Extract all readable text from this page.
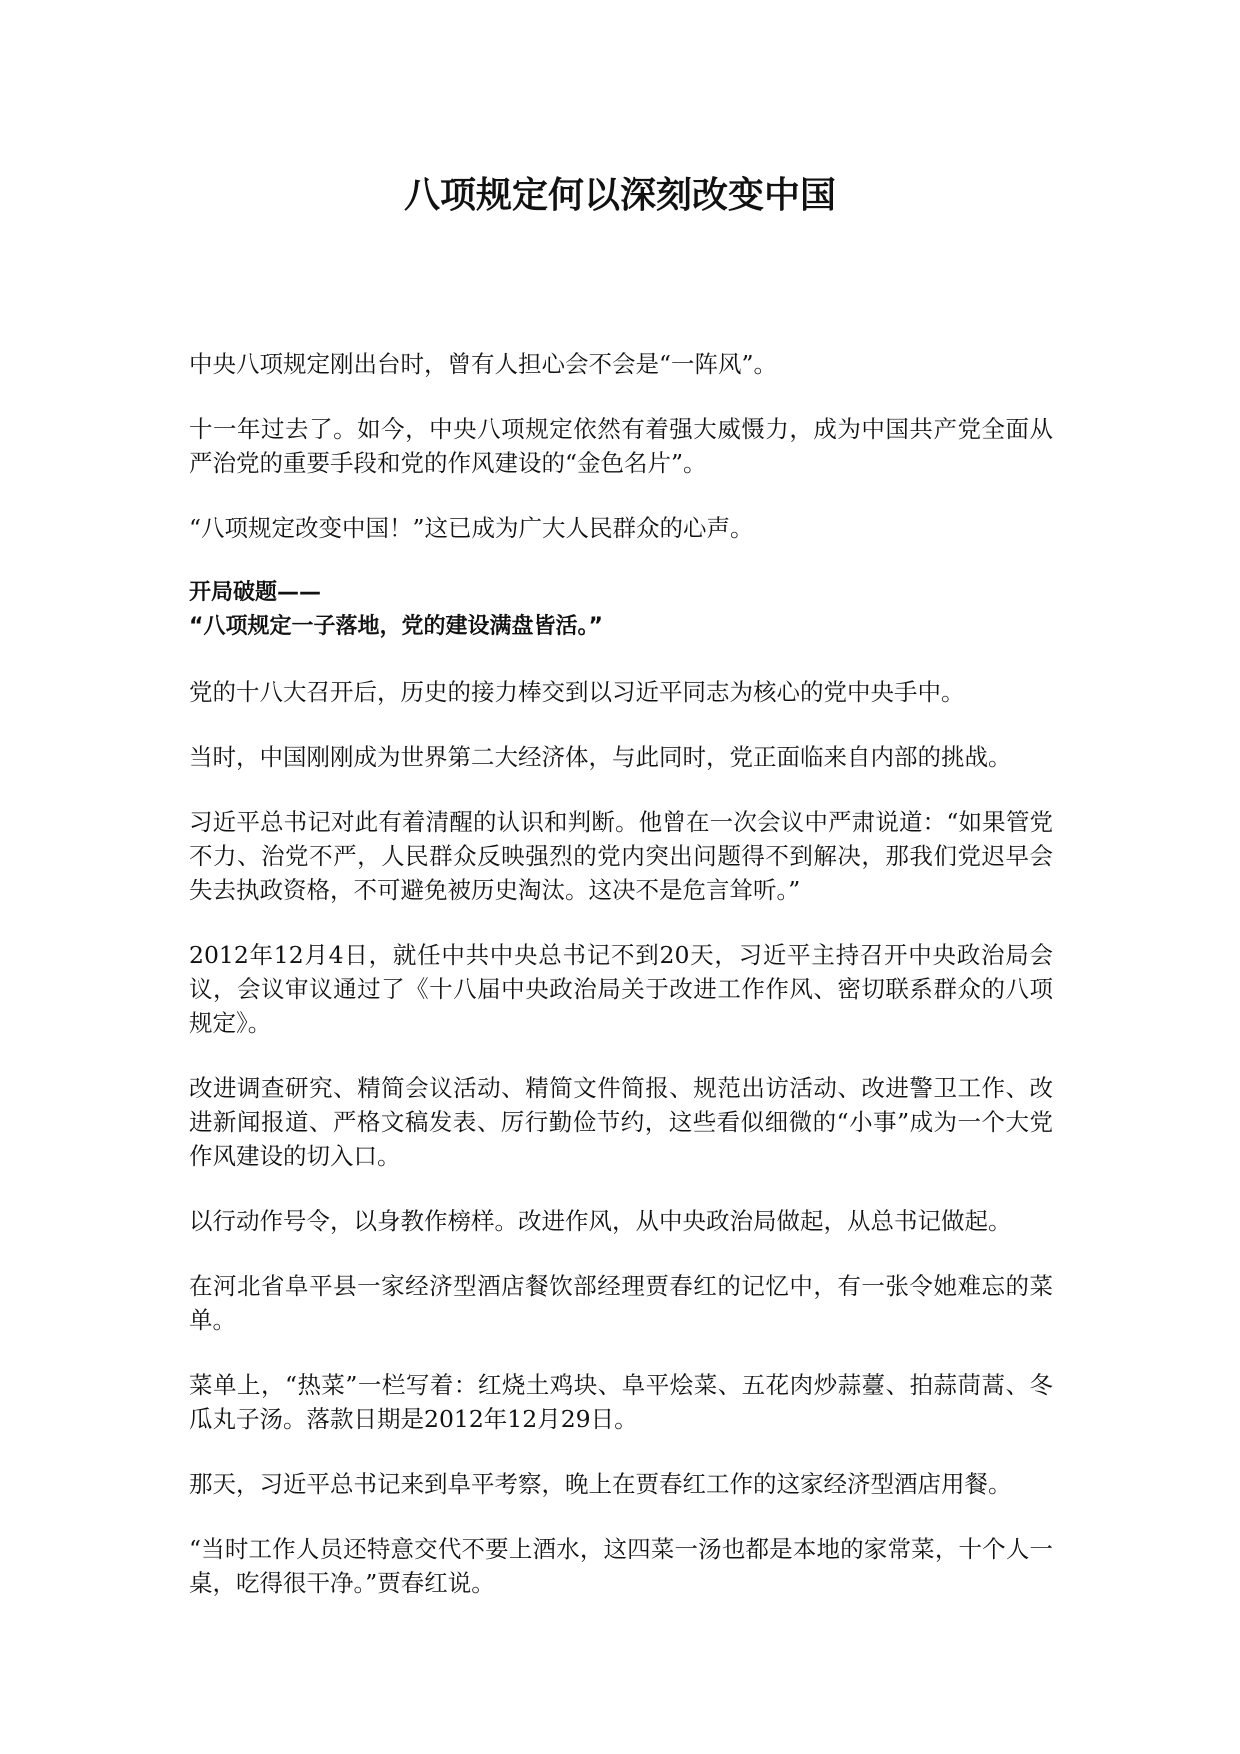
八项规定何以深刻改变中国

中央八项规定刚出台时，曾有人担心会不会是“一阵风”。

十一年过去了。如今，中央八项规定依然有着强大威慑力，成为中国共产党全面从严治党的重要手段和党的作风建设的“金色名片”。

“八项规定改变中国！”这已成为广大人民群众的心声。

开局破题——
“八项规定一子落地，党的建设满盘皆活。”

党的十八大召开后，历史的接力棒交到以习近平同志为核心的党中央手中。

当时，中国刚刚成为世界第二大经济体，与此同时，党正面临来自内部的挑战。

习近平总书记对此有着清醒的认识和判断。他曾在一次会议中严肃说道：“如果管党不力、治党不严，人民群众反映强烈的党内突出问题得不到解决，那我们党迟早会失去执政资格，不可避免被历史淘汰。这决不是危言耸听。”

2012年12月4日，就任中共中央总书记不到20天，习近平主持召开中央政治局会议，会议审议通过了《十八届中央政治局关于改进工作作风、密切联系群众的八项规定》。

改进调查研究、精简会议活动、精简文件简报、规范出访活动、改进警卫工作、改进新闻报道、严格文稿发表、厉行勤俭节约，这些看似细微的“小事”成为一个大党作风建设的切入口。

以行动作号令，以身教作榜样。改进作风，从中央政治局做起，从总书记做起。

在河北省阜平县一家经济型酒店餐饮部经理贾春红的记忆中，有一张令她难忘的菜单。

菜单上，“热菜”一栏写着：红烧土鸡块、阜平烩菜、五花肉炒蒜薹、拍蒜茼蒿、冬瓜丸子汤。落款日期是2012年12月29日。

那天，习近平总书记来到阜平考察，晚上在贾春红工作的这家经济型酒店用餐。

“当时工作人员还特意交代不要上酒水，这四菜一汤也都是本地的家常菜，十个人一桌，吃得很干净。”贾春红说。
